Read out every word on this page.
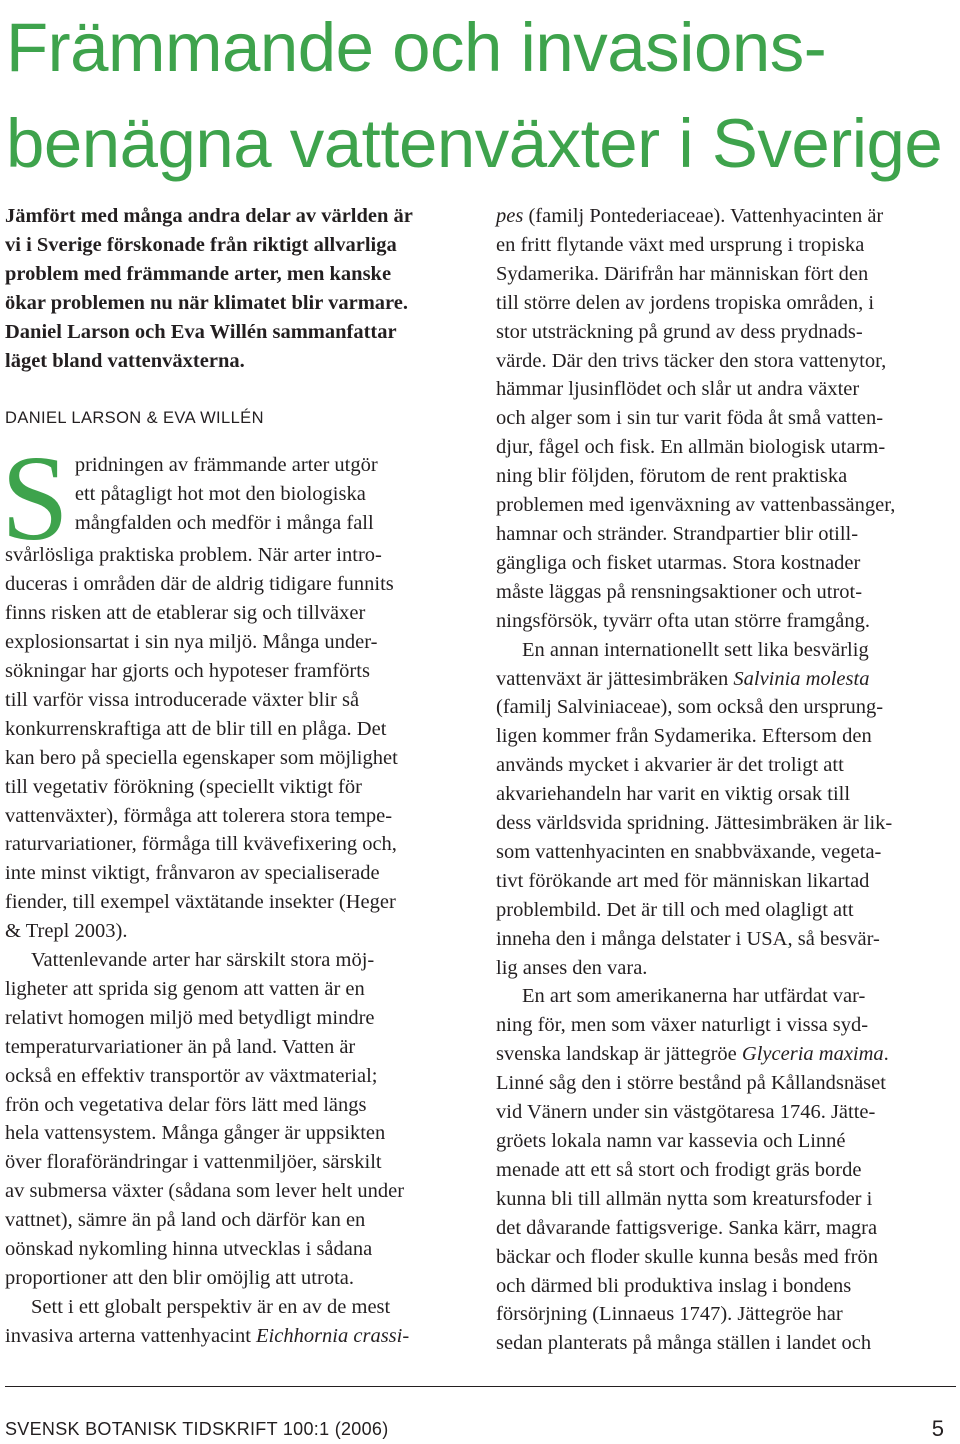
Främmande och invasions-
benägna vattenväxter i Sverige

Jämfört med många andra delar av världen är
vi i Sverige förskonade från riktigt allvarliga
problem med främmande arter, men kanske
ökar problemen nu när klimatet blir varmare.
Daniel Larson och Eva Willén sammanfattar
läget bland vattenväxterna.

DANIEL LARSON & EVA WILLÉN

S pridningen av främmande arter utgör
ett påtagligt hot mot den biologiska
mångfalden och medför i många fall
svårlösliga praktiska problem. När arter intro-
duceras i områden där de aldrig tidigare funnits
finns risken att de etablerar sig och tillväxer
explosionsartat i sin nya miljö. Många under-
sökningar har gjorts och hypoteser framförts
till varför vissa introducerade växter blir så
konkurrenskraftiga att de blir till en plåga. Det
kan bero på speciella egenskaper som möjlighet
till vegetativ förökning (speciellt viktigt för
vattenväxter), förmåga att tolerera stora tempe-
raturvariationer, förmåga till kvävefixering och,
inte minst viktigt, frånvaron av specialiserade
fiender, till exempel växtätande insekter (Heger
& Trepl 2003).

Vattenlevande arter har särskilt stora möj-
ligheter att sprida sig genom att vatten är en
relativt homogen miljö med betydligt mindre
temperaturvariationer än på land. Vatten är
också en effektiv transportör av växtmaterial;
frön och vegetativa delar förs lätt med längs
hela vattensystem. Många gånger är uppsikten
över floraförändringar i vattenmiljöer, särskilt
av submersa växter (sådana som lever helt under
vattnet), sämre än på land och därför kan en
oönskad nykomling hinna utvecklas i sådana
proportioner att den blir omöjlig att utrota.

Sett i ett globalt perspektiv är en av de mest
invasiva arterna vattenhyacint Eichhornia crassi-

pes (familj Pontederiaceae). Vattenhyacinten är
en fritt flytande växt med ursprung i tropiska
Sydamerika. Därifrån har människan fört den
till större delen av jordens tropiska områden, i
stor utsträckning på grund av dess prydnads-
värde. Där den trivs täcker den stora vattenytor,
hämmar ljusinflödet och slår ut andra växter
och alger som i sin tur varit föda åt små vatten-
djur, fågel och fisk. En allmän biologisk utarm-
ning blir följden, förutom de rent praktiska
problemen med igenväxning av vattenbassänger,
hamnar och stränder. Strandpartier blir otill-
gängliga och fisket utarmas. Stora kostnader
måste läggas på rensningsaktioner och utrot-
ningsförsök, tyvärr ofta utan större framgång.

En annan internationellt sett lika besvärlig
vattenväxt är jättesimbräken Salvinia molesta
(familj Salviniaceae), som också den ursprung-
ligen kommer från Sydamerika. Eftersom den
används mycket i akvarier är det troligt att
akvariehandeln har varit en viktig orsak till
dess världsvida spridning. Jättesimbräken är lik-
som vattenhyacinten en snabbväxande, vegeta-
tivt förökande art med för människan likartad
problembild. Det är till och med olagligt att
inneha den i många delstater i USA, så besvär-
lig anses den vara.

En art som amerikanerna har utfärdat var-
ning för, men som växer naturligt i vissa syd-
svenska landskap är jättegröe Glyceria maxima.
Linné såg den i större bestånd på Kållandsnäset
vid Vänern under sin västgötaresa 1746. Jätte-
gröets lokala namn var kassevia och Linné
menade att ett så stort och frodigt gräs borde
kunna bli till allmän nytta som kreatursfoder i
det dåvarande fattigsverige. Sanka kärr, magra
bäckar och floder skulle kunna besås med frön
och därmed bli produktiva inslag i bondens
försörjning (Linnaeus 1747). Jättegröe har
sedan planterats på många ställen i landet och

SVENSK BOTANISK TIDSKRIFT 100:1 (2006)	5
